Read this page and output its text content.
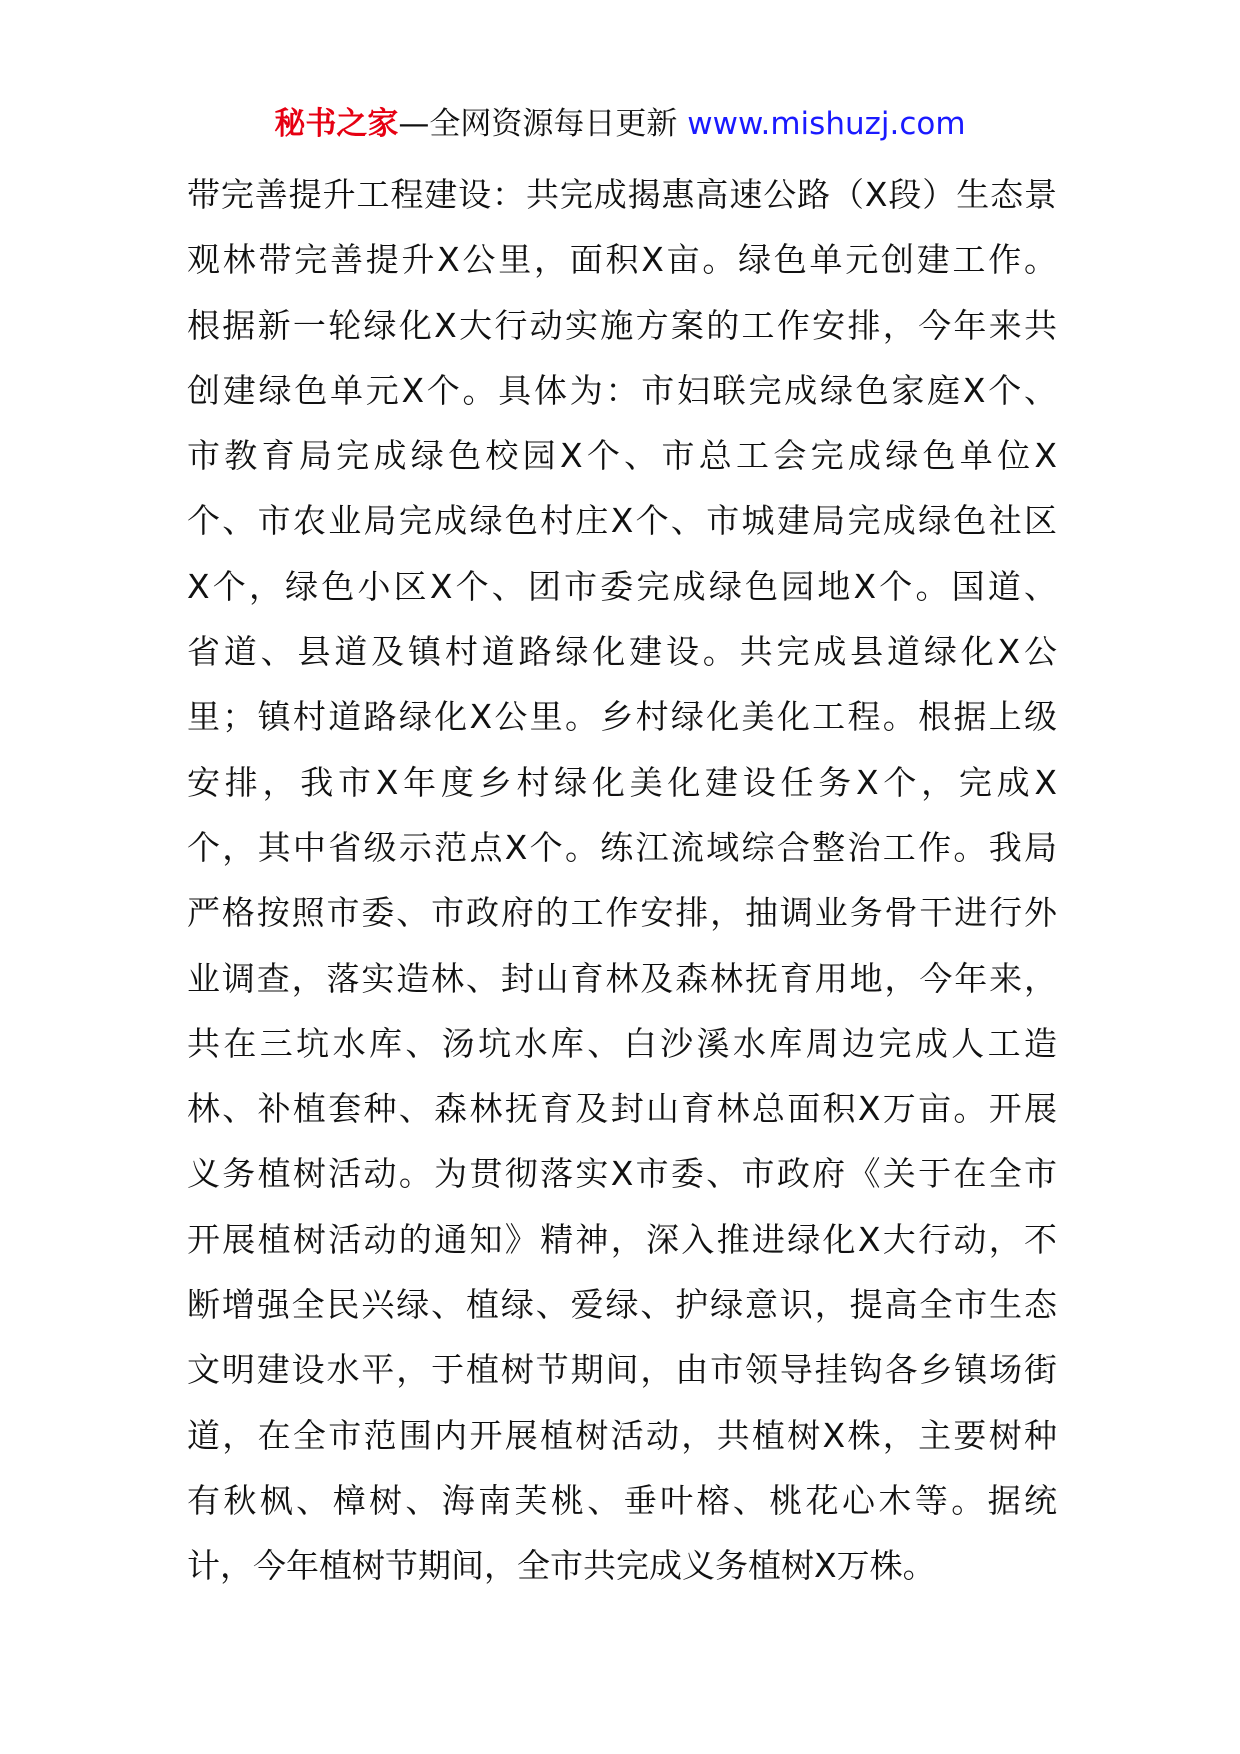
秘书之家—全网资源每日更新 www.mishuzj.com
带完善提升工程建设：共完成揭惠高速公路（X段）生态景
观林带完善提升X公里，面积X亩。绿色单元创建工作。
根据新一轮绿化X大行动实施方案的工作安排，今年来共
创建绿色单元X个。具体为：市妇联完成绿色家庭X个、
市教育局完成绿色校园X个、市总工会完成绿色单位X
个、市农业局完成绿色村庄X个、市城建局完成绿色社区
X个，绿色小区X个、团市委完成绿色园地X个。国道、
省道、县道及镇村道路绿化建设。共完成县道绿化X公
里；镇村道路绿化X公里。乡村绿化美化工程。根据上级
安排，我市X年度乡村绿化美化建设任务X个，完成X
个，其中省级示范点X个。练江流域综合整治工作。我局
严格按照市委、市政府的工作安排，抽调业务骨干进行外
业调查，落实造林、封山育林及森林抚育用地，今年来，
共在三坑水库、汤坑水库、白沙溪水库周边完成人工造
林、补植套种、森林抚育及封山育林总面积X万亩。开展
义务植树活动。为贯彻落实X市委、市政府《关于在全市
开展植树活动的通知》精神，深入推进绿化X大行动，不
断增强全民兴绿、植绿、爱绿、护绿意识，提高全市生态
文明建设水平，于植树节期间，由市领导挂钩各乡镇场街
道，在全市范围内开展植树活动，共植树X株，主要树种
有秋枫、樟树、海南芙桃、垂叶榕、桃花心木等。据统
计，今年植树节期间，全市共完成义务植树X万株。
